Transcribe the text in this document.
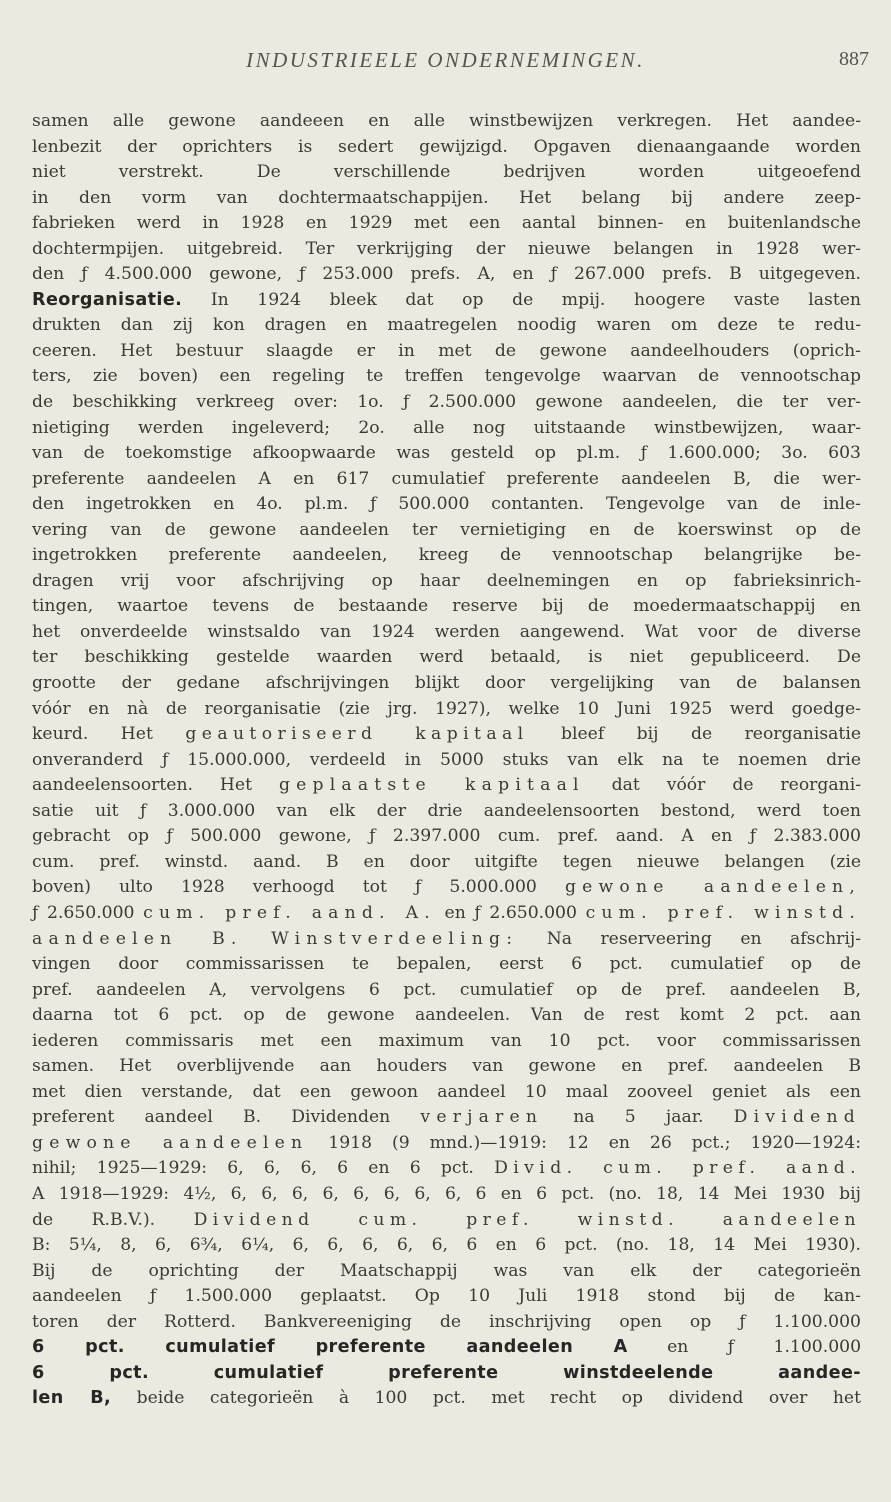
INDUSTRIEELE ONDERNEMINGEN.	887
samen alle gewone aandeeen en alle winstbewijzen verkregen. Het aandee-
lenbezit der oprichters is sedert gewijzigd. Opgaven dienaangaande worden
niet verstrekt. De verschillende bedrijven worden uitgeoefend
in den vorm van dochtermaatschappijen. Het belang bij andere zeep-
fabrieken werd in 1928 en 1929 met een aantal binnen- en buitenlandsche
dochtermpijen. uitgebreid. Ter verkrijging der nieuwe belangen in 1928 wer-
den ƒ 4.500.000 gewone, ƒ 253.000 prefs. A, en ƒ 267.000 prefs. B uitgegeven.
Reorganisatie. In 1924 bleek dat op de mpij. hoogere vaste lasten
drukten dan zij kon dragen en maatregelen noodig waren om deze te redu-
ceeren. Het bestuur slaagde er in met de gewone aandeelhouders (oprich-
ters, zie boven) een regeling te treffen tengevolge waarvan de vennootschap
de beschikking verkreeg over: 1o. ƒ 2.500.000 gewone aandeelen, die ter ver-
nietiging werden ingeleverd; 2o. alle nog uitstaande winstbewijzen, waar-
van de toekomstige afkoopwaarde was gesteld op pl.m. ƒ 1.600.000; 3o. 603
preferente aandeelen A en 617 cumulatief preferente aandeelen B, die wer-
den ingetrokken en 4o. pl.m. ƒ 500.000 contanten. Tengevolge van de inle-
vering van de gewone aandeelen ter vernietiging en de koerswinst op de
ingetrokken preferente aandeelen, kreeg de vennootschap belangrijke be-
dragen vrij voor afschrijving op haar deelnemingen en op fabrieksinrich-
tingen, waartoe tevens de bestaande reserve bij de moedermaatschappij en
het onverdeelde winstsaldo van 1924 werden aangewend. Wat voor de diverse
ter beschikking gestelde waarden werd betaald, is niet gepubliceerd. De
grootte der gedane afschrijvingen blijkt door vergelijking van de balansen
vóór en nà de reorganisatie (zie jrg. 1927), welke 10 Juni 1925 werd goedge-
keurd. Het geautoriseerd kapitaal bleef bij de reorganisatie
onveranderd ƒ 15.000.000, verdeeld in 5000 stuks van elk na te noemen drie
aandeelensoorten. Het geplaatste kapitaal dat vóór de reorgani-
satie uit ƒ 3.000.000 van elk der drie aandeelensoorten bestond, werd toen
gebracht op ƒ 500.000 gewone, ƒ 2.397.000 cum. pref. aand. A en ƒ 2.383.000
cum. pref. winstd. aand. B en door uitgifte tegen nieuwe belangen (zie
boven) ulto 1928 verhoogd tot ƒ 5.000.000 gewone aandeelen,
ƒ 2.650.000 cum. pref. aand. A. en ƒ 2.650.000 cum. pref. winstd.
aandeelen B. Winstverdeeling: Na reserveering en afschrij-
vingen door commissarissen te bepalen, eerst 6 pct. cumulatief op de
pref. aandeelen A, vervolgens 6 pct. cumulatief op de pref. aandeelen B,
daarna tot 6 pct. op de gewone aandeelen. Van de rest komt 2 pct. aan
iederen commissaris met een maximum van 10 pct. voor commissarissen
samen. Het overblijvende aan houders van gewone en pref. aandeelen B
met dien verstande, dat een gewoon aandeel 10 maal zooveel geniet als een
preferent aandeel B. Dividenden verjaren na 5 jaar. Dividend
gewone aandeelen 1918 (9 mnd.)—1919: 12 en 26 pct.; 1920—1924:
nihil; 1925—1929: 6, 6, 6, 6 en 6 pct. Divid. cum. pref. aand.
A 1918—1929: 4½, 6, 6, 6, 6, 6, 6, 6, 6, 6 en 6 pct. (no. 18, 14 Mei 1930 bij
de R.B.V.). Dividend cum. pref. winstd. aandeelen
B: 5¼, 8, 6, 6¾, 6¼, 6, 6, 6, 6, 6, 6 en 6 pct. (no. 18, 14 Mei 1930).
Bij de oprichting der Maatschappij was van elk der categorieën
aandeelen ƒ 1.500.000 geplaatst. Op 10 Juli 1918 stond bij de kan-
toren der Rotterd. Bankvereeniging de inschrijving open op ƒ 1.100.000
6 pct. cumulatief preferente aandeelen A en ƒ 1.100.000
6 pct. cumulatief preferente winstdeelende aandee-
len B, beide categorieën à 100 pct. met recht op dividend over het
